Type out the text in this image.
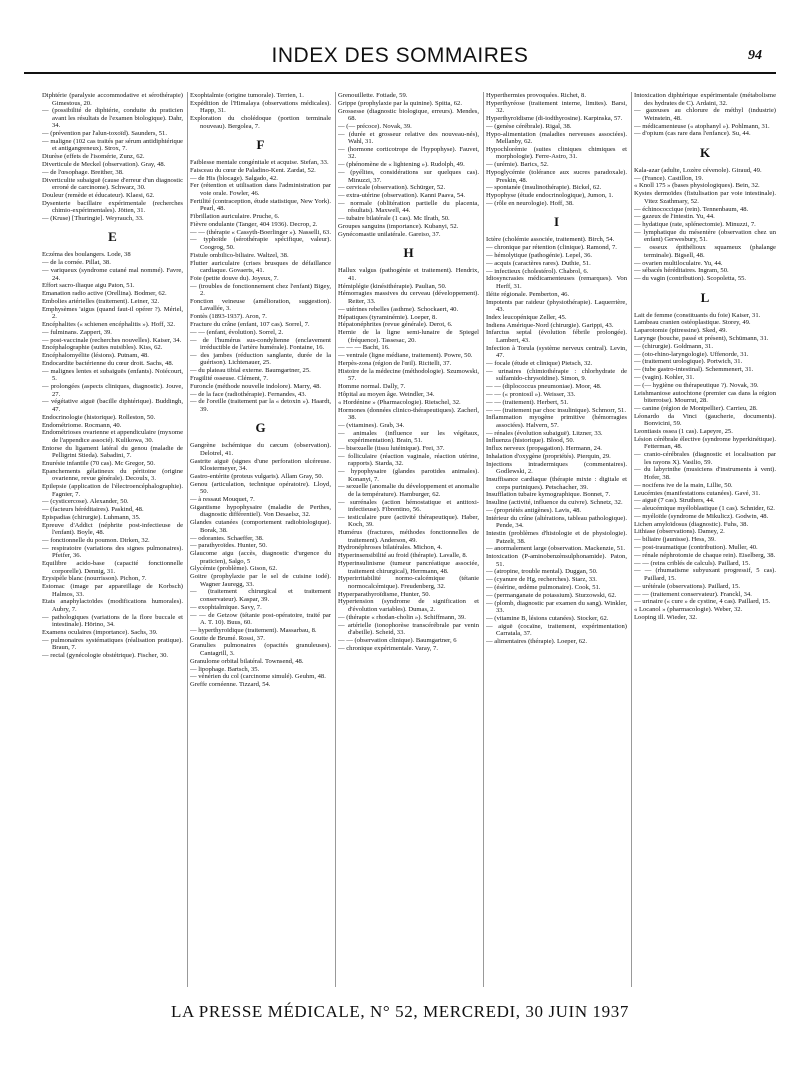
INDEX DES SOMMAIRES	94
Diphtérie (paralysie accommodative et sérothérapie) Gimestous, 20.
— (possibilité de diphtérie, conduite du praticien avant les résultats de l'examen biologique). Dahr, 34.
— (prévention par l'alun-toxoïd). Saunders, 51.
— maligne (102 cas traités par sérum antidiphtérique et antigangreneux). Strox, 7.
Diurèse (effets de l'isomérie, Zunz, 62.
Diverticule de Meckel (observation). Gray, 48.
— de l'œsophage. Breither, 38.
Diverticulite subaiguë (cause d'erreur d'un diagnostic erroné de carcinome). Schwarz, 30.
Douleur (remède et éducateur). Klaesi, 62.
Dysenterie bacillaire expérimentale (recherches chimio-expérimentales). Jötten, 31.
— (Kruse) [Thuringie]. Weyrauch, 33.
E
Eczéma des boulangers. Lode, 38
— de la cornée. Pillat, 38.
— variqueux (syndrome cutané mal nommé). Favre, 24.
Effort sacro-iliaque aigu Paton, 51.
Emanation radio active (Orellina). Bodmer, 62.
Embolies artérielles (traitement). Leiner, 32.
Emphysèmes 'aigus (quand faut-il opérer ?). Mériel, 2.
Encéphalites (« schienen encéphalitis »). Hoff, 32.
— fulminans. Zappert, 39.
— post-vaccinale (recherches nouvelles). Kaiser, 34.
Encéphalographie (suites nuisibles). Kiss, 62.
Encéphalomyélite (lésions). Putnam, 48.
Endocardite bactérienne du cœur droit. Sachs, 48.
— malignes lentes et subaiguës (enfants). Noiécourt, 5.
— prolongées (aspects cliniques, diagnostic). Jouve, 27.
— végétative aiguë (bacille diphtérique). Buddingh, 47.
Endocrinologie (historique). Rolleston, 50.
Endométriome. Rocmann, 40.
Endométrioses ovarienne et appendiculaire (myxome de l'appendice associé). Kulikowa, 30.
Entorse du ligament latéral du genou (maladie de Pelligrini Stieda). Sabadini, 7.
Enurésie infantile (70 cas). Mc Gregor, 50.
Epanchements gélatineux du péritoine (origine ovarienne, revue générale). Decoulx, 3.
Epilepsie (application de l'électroencéphalographie). Fagnier, 7.
— (cysticercose). Alexander, 50.
— (facteurs héréditaires). Paskind, 48.
Epispadias (chirurgie). Luhmann, 35.
Epreuve d'Addict (néphrite post-infectieuse de l'enfant). Boyle, 48.
— fonctionnelle du poumon. Dirken, 32.
— respiratoire (variations des signes pulmonaires). Pfeifer, 36.
Equilibre acido-base (capacité fonctionnelle corporelle). Dennig, 31.
Erysipèle blanc (nourrisson). Pichon, 7.
Estomac (image par appareillage de Korbsch) Halmos, 33.
Etats anaphylactoïdes (modifications humorales). Aubry, 7.
— pathologiques (variations de la flore buccale et intestinale). Hörino, 34.
Examens oculaires (importance). Sachs, 39.
— pulmonaires systématiques (réalisation pratique). Braun, 7.
— rectal (gynécologie obstétrique). Fischer, 30.
Exophtalmie (origine tumorale). Terrien, 1.
Expédition de l'Himalaya (observations médicales). Happ, 31.
Exploration du cholédoque (portion terminale nouveau). Bergolea, 7.
F
Faiblesse mentale congénitale et acquise. Stefan, 33.
Faisceau du cœur de Paladino-Kent. Zardat, 52.
— de His (blocage). Salgado, 42.
Fer (rétention et utilisation dans l'administration par voie orale. Fowler, 46.
Fertilité (contraception, étude statistique, New York). Pearl, 48.
Fibrillation auriculaire. Pruche, 6.
Fièvre ondulante (Tanger, 404 1936). Decrop, 2.
— — (thérapie « Cassyth-Boerlinger »). Nasselli, 63.
— typhoïde (sérothérapie spécifique, valeur). Coogrog, 50.
Fistule ombilico-biliaire. Waltzel, 38.
Flutter auriculaire (crises brusques de défaillance cardiaque. Govaerts, 41.
Foie (petite douve du). Joyeux, 7.
— (troubles de fonctionnement chez l'enfant) Bigey, 2.
Fonction veineuse (amélioration, suggestion). Lavallée, 3.
Fontès (1893-1937). Aron, 7.
Fracture du crâne (enfant, 107 cas). Sorrel, 7.
— — (enfant, évolution). Sorrel, 2.
— de l'humérus sus-condylienne (enclavement irréductible de l'artère humérale). Fontaine, 16.
— des jambes (réduction sanglante, durée de la guérison). Lichtenauer, 25.
— du plateau tibial externe. Baumgartner, 25.
Fragilité osseuse. Clément, 7.
Furoncle (méthode nouvelle indolore). Marry, 48.
— de la face (radiothérapie). Fernandes, 43.
— de l'oreille (traitement par la « detoxin »). Haardt, 39.
G
Gangrène ischémique du cæcum (observation). Delotrel, 41.
Gastrite aiguë (signes d'une perforation ulcéreuse. Klostermeyer, 34.
Gastro-entérite (proteus vulgaris). Allam Gray, 50.
Genou (articulation, technique opératoire). Lloyd, 50.
— à ressaut Mouquet, 7.
Gigantisme hypophysaire (maladie de Perthes, diagnostic différentiel). Von Desaelsz, 32.
Glandes cutanées (comportement radiobiologique). Borak, 38.
— odorantes. Schaeffer, 38.
— parathyroïdes. Hunter, 50.
Glaucome aigu (accès, diagnostic d'urgence du praticien), Salgo, 5
Glycémie (problème). Gison, 62.
Goitre (prophylaxie par le sel de cuisine iodé). Wagner Jauregg, 33.
— (traitement chirurgical et traitement conservateur). Kaspar, 39.
— exophtalmique. Savy, 7.
— — de Getzow (tétanie post-opératoire, traité par A. T. 10). Buus, 60.
— hyperthyroïdique (traitement). Massarbau, 8.
Goutte de Brumé. Rossi, 37.
Granulies pulmonaires (opacités granuleuses). Cantagrill, 3.
Granulome orbital bilatéral. Townsend, 48.
— lipophage. Bartsch, 35.
— vénérien du col (carcinome simulé). Geuhm, 48.
Greffe cornéenne. Tizzard, 54.
Grenouillette. Fotiade, 59.
Grippe (prophylaxie par la quinine). Spitta, 62.
Grossesse (diagnostic biologique, erreurs). Mendes, 68.
— (— précoce). Novak, 39.
— (durée et grosseur relative des nouveau-nés), Wahl, 31.
— (hormone corticotrope de l'hypophyse). Fauvet, 32.
— (phénomène de « lightening »). Rudolph, 49.
— (pyélites, considérations sur quelques cas). Minuzzi, 37.
— cervicale (observation). Schürger, 52.
— extra-utérine (observation). Kanni Paava, 54.
— normale (oblitération partielle du placenta, résultats). Maxwell, 44.
— tubaire bilatérale (1 cas). Mc Ilrath, 50.
Groupes sanguins (importance). Kubanyi, 52.
Gynécomastie unilatérale. Gareiso, 37.
H
Hallux valgus (pathogénie et traitement). Hendrix, 41.
Hémiplégie (kinésithérapie). Paulian, 50.
Hémorragies massives du cerveau (développement). Reiter, 33.
— utérines rebelles (asthme). Schockaert, 40.
Hépatiques (tyraminémie). Loeper, 8.
Hépatonéphrites (revue générale). Derot, 6.
Hernie de la ligne semi-lunaire de Spiegel (fréquence). Tassesac, 20.
— — — Bacht, 16.
— ventrale (ligne médiane, traitement). Powre, 50.
Herpès-zona (région de l'œil). Ricitelli, 37.
Histoire de la médecine (méthodologie). Szumowski, 57.
Homme normal. Dally, 7.
Hôpital au moyen âge. Weindler, 34.
« Hordénine » (Pharmacologie). Rietschel, 32.
Hormones (données clinico-thérapeutiques). Zacherl, 38.
— (vitamines). Grab, 34.
— animales (influence sur les végétaux, expérimentation). Brain, 51.
— bisexuelle (tissu lutéinique). Frei, 37.
— folliculaire (réaction vaginale, réaction utérine, rapports). Starda, 32.
— hypophysaire (glandes parotides animales). Konanyi, 7.
— sexuelle (anomalie du développement et anomalie de la température). Hamburger, 62.
— surrénales (action hémostatique et antitoxi-infectieuse). Fibrentino, 56.
— testiculaire pure (activité thérapeutique). Haber, Koch, 39.
Humérus (fractures, méthodes fonctionnelles de traitement). Anderson, 49.
Hydronéphroses bilatérales. Michon, 4.
Hyperinsensibilité au froid (thérapie). Lavalle, 8.
Hyperinsulinisme (tumeur pancréatique associée, traitement chirurgical), Herrmann, 48.
Hyperirritabilité normo-calcémique (tétanie normocalcémique). Freudenberg, 32.
Hyperparathyroïdisme, Hunter, 50.
Hypertension (syndrome de signification et d'évolution variables). Dumas, 2.
— (thérapie « rhodan-cholin »). Schiffmann, 39.
— artérielle (ionophorèse transcérébrale par venin d'abeille). Scheid, 33.
— — (observation clinique). Baumgartner, 6
— chronique expérimentale. Varay, 7.
Hyperthermies provoquées. Richet, 8.
Hyperthyréose (traitement interne, limites). Barsi, 32.
Hyperthyroïdisme (di-iodthyrosine). Karpinska, 57.
— (genèse cérébrale). Rigal, 38.
Hypo-alimentation (maladies nerveuses associées). Mellanby, 62.
Hypochlorémie (suites cliniques chimiques et morphologie). Ferre-Astro, 31.
— (urémie). Barics, 52.
Hypoglycémie (tolérance aux sucres paradoxale). Preskin, 48.
— spontanée (insulinothérapie). Bickel, 62.
Hypophyse (étude endocrinologique), Jumon, 1.
— (rôle en neurologie). Hoff, 38.
I
Ictère (cholémie associée, traitement). Birch, 54.
— chronique par rétention (clinique). Ramond, 7.
— hémolytique (pathogénie). Lepel, 36.
— acquis (caractères rares). Duthie, 51.
— infectieux (cholestérol). Chabrol, 6.
Idiosyncrasies médicamenteuses (remarques). Von Herff, 31.
Iléite régionale. Pemberton, 46.
Impotents par raideur (physiothérapie). Laquerrière, 43.
Index leucopénique Zeller, 45.
Indiens Amérique-Nord (chirurgie). Garippi, 43.
Infarctus septal (évolution fébrile prolongée). Lambert, 43.
Infection à Torula (système nerveux central). Levin, 47.
— focale (étude et clinique) Pietsch, 32.
— urinaires (chimiothérapie : chlorhydrate de sulfamido-chrysoïdine). Simon, 9.
— — (diplococcus pneumoniae). Moor, 48.
— — (« prontosil »). Weisser, 33.
— — (traitement). Herbert, 51.
— — (traitement par choc insulinique). Schmorr, 51.
Inflammation myogène primitive (hémorragies associées). Halvern, 57.
— rénales (évolution subaiguë). Litzner, 33.
Influenza (historique). Blood, 50.
Influx nerveux (propagation). Hermann, 24.
Inhalation d'oxygène (propriétés). Pierquin, 29.
Injections intradermiques (commentaires). Godlewski, 2.
Insuffisance cardiaque (thérapie mixte : digitale et corps puriniques). Petschacher, 39.
Insufflation tubaire kymographique. Bonnet, 7.
Insuline (activité, influence du cuivre). Schnetz, 32.
— (propriétés antigènes). Lavis, 48.
Intérieur du crâne (altérations, tableau pathologique). Pende, 34.
Intestin (problèmes d'histologie et de physiologie). Patzelt, 38.
— anormalement large (observation. Mackenzie, 51.
Intoxication (P-aminobenzènsulphonamide). Paton, 51.
— (atropine, trouble mental). Duggan, 50.
— (cyanure de Hg, recherches). Starz, 33.
— (ésérine, œdème pulmonaire). Cook, 51.
— (permanganate de potassium). Sturzowski, 62.
— (plomb, diagnostic par examen du sang). Winkler, 33.
— (vitamine B, lésions cutanées). Stocker, 62.
— aiguë (cocaïne, traitement, expérimentation) Carratala, 37.
— alimentaires (thérapie). Loeper, 62.
Intoxication diphtérique expérimentale (métabolisme des hydrates de C). Ardaini, 32.
— gazeuses au chlorure de méthyl (industrie) Weinstein, 48.
— médicamenteuse (« atophanyl »). Pohlmann, 31.
— d'opium (cas rare dans l'enfance). Su, 44.
K
Kala-azar (adulte, Lozère cévenole). Giraud, 49.
— (France). Castillon, 19.
« Knoll 175 » (bases physiologiques). Bein, 32.
Kystes dermoïdes (fistulisation par voie intestinale). Vitez Szathmary, 52.
— échinococcique (rein). Tennenbaum, 48.
— gazeux de l'intestin. Yu, 44.
— hydatique (rate, splénectomie). Minuzzi, 7.
— lymphatique du mésentère (observation chez un enfant) Gerwesbury, 51.
— osseux épithélioux squameux (phalange terminale). Bigsell, 48.
— ovarien multiloculaire. Yu, 44.
— sébacés héréditaires. Ingram, 50.
— du vagin (contribution). Scopoletta, 55.
L
Lait de femme (constituants du foie) Kaiser, 31.
Lambeau cranien ostéoplastique. Storey, 49.
Laparotomie (pitressine). Sked, 49.
Larynge (bouche, passé et présent), Schümann, 31.
— (chirurgie). Goldmann, 31.
— (oto-rhino-laryngologie). Uffenorde, 31.
— (traitement urologique). Portwich, 31.
— (tube gastro-intestinal). Schemmenert, 31.
— (vagin). Kohler, 31.
— (— hygiène ou thérapeutique ?). Novak, 39.
Leishmaniose autochtone (premier cas dans la région biterroise). Mourrut, 28.
— canine (région de Montpellier). Carrieu, 28.
Léonardo da Vinci (gaucherie, documents). Bonvicini, 59.
Leontiasis ossea (1 cas). Lapeyre, 25.
Lésion cérébrale élective (syndrome hyperkinétique). Fetterman, 48.
— cranio-cérébrales (diagnostic et localisation par les rayons X). Vasilio, 59.
— du labyrinthe (musiciens d'instruments à vent). Hofer, 38.
— nocifens ive de la main, Lillie, 50.
Leucémies (manifestations cutanées). Gavé, 31.
— aiguë (7 cas). Struthers, 44.
— aleucémique myéloblastique (1 cas). Schnider, 62.
— myéloïde (syndrome de Mikulicz). Godwin, 48.
Lichen amyloïdosus (diagnostic). Fuhs, 38.
Lithiase (observations). Damey, 2.
— biliaire (jaunisse). Hess, 39.
— post-traumatique (contribution). Muller, 40.
— rénale néphrotomie de chaque rein). Eiselberg, 38.
— — (reins criblés de calculs). Paillard, 15.
— — (rhumatisme subyuxant progressif, 5 cas). Paillard, 15.
— urétérale (observations). Paillard, 15.
— — (traitement conservateur). Franckl, 34.
— urinaire (« cure » de cystine, 4 cas). Paillard, 15.
« Locanol » (pharmacologie). Weber, 32.
Looping ill. Wieder, 32.
LA PRESSE MÉDICALE, N° 52, MERCREDI, 30 JUIN 1937
